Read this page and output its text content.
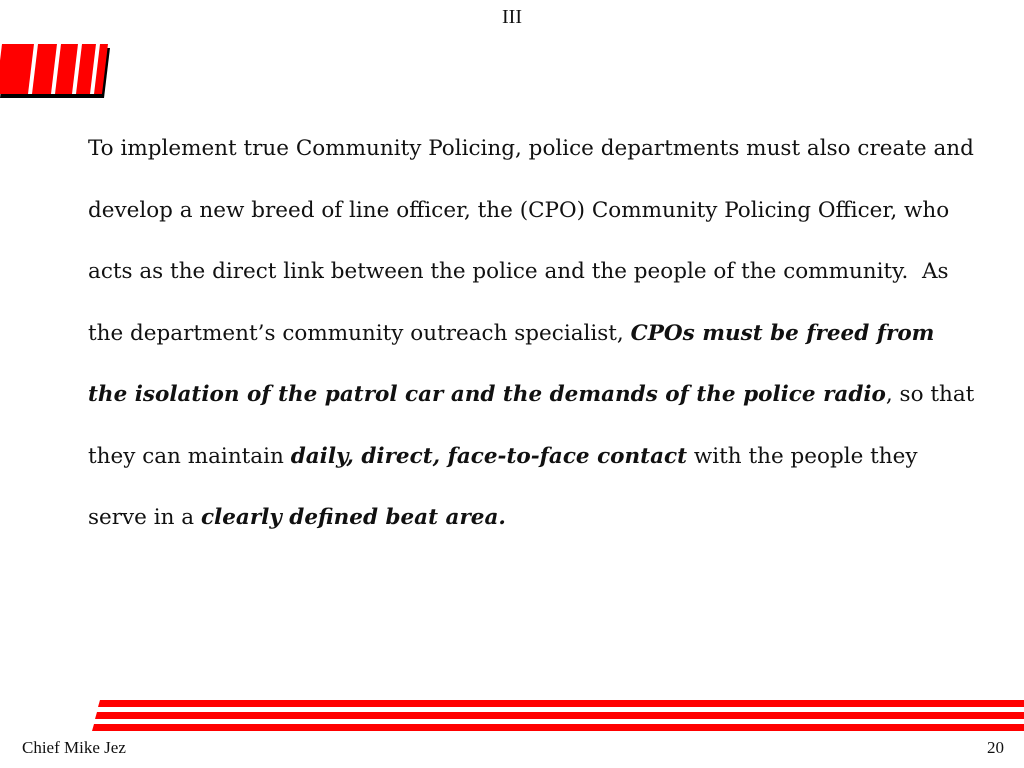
III
To implement true Community Policing, police departments must also create and develop a new breed of line officer, the (CPO) Community Policing Officer, who acts as the direct link between the police and the people of the community.  As the department’s community outreach specialist, CPOs must be freed from the isolation of the patrol car and the demands of the police radio, so that they can maintain daily, direct, face-to-face contact with the people they serve in a clearly defined beat area.
Chief Mike Jez	20
